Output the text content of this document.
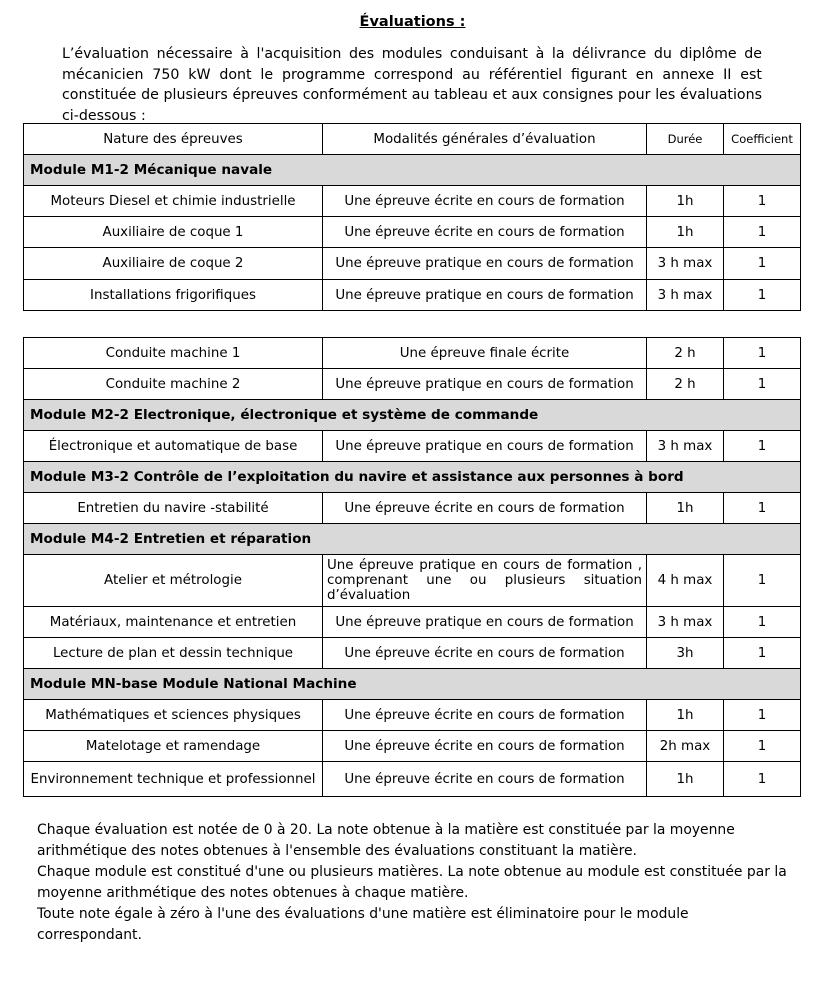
Évaluations :
L’évaluation nécessaire à l'acquisition des modules conduisant à la délivrance du diplôme de mécanicien 750 kW dont le programme correspond au référentiel figurant en annexe II est constituée de plusieurs épreuves conformément au tableau et aux consignes pour les évaluations ci-dessous :
Nature des épreuves	Modalités générales d’évaluation	Durée	Coefficient
Module M1-2 Mécanique navale			
Moteurs Diesel et chimie industrielle	Une épreuve écrite en cours de formation	1h	1
Auxiliaire de coque 1	Une épreuve écrite en cours de formation	1h	1
Auxiliaire de coque 2	Une épreuve pratique en cours de formation	3 h max	1
Installations frigorifiques	Une épreuve pratique en cours de formation	3 h max	1
Conduite machine 1	Une épreuve finale écrite	2 h	1
Conduite machine 2	Une épreuve pratique en cours de formation	2 h	1
Module M2-2 Electronique, électronique et système de commande			
Électronique et automatique de base	Une épreuve pratique en cours de formation	3 h max	1
Module M3-2 Contrôle de l’exploitation du navire et assistance aux personnes à bord			
Entretien du navire -stabilité	Une épreuve écrite en cours de formation	1h	1
Module M4-2 Entretien et réparation			
Atelier et métrologie	Une épreuve pratique en cours de formation , comprenant une ou plusieurs situation d’évaluation	4 h max	1
Matériaux, maintenance et entretien	Une épreuve pratique en cours de formation	3 h max	1
Lecture de plan et dessin technique	Une épreuve écrite en cours de formation	3h	1
Module MN-base Module National Machine			
Mathématiques et sciences physiques	Une épreuve écrite en cours de formation	1h	1
Matelotage et ramendage	Une épreuve écrite en cours de formation	2h max	1
Environnement technique et professionnel	Une épreuve écrite en cours de formation	1h	1

Chaque évaluation est notée de 0 à 20. La note obtenue à la matière est constituée par la moyenne arithmétique des notes obtenues à l'ensemble des évaluations constituant la matière.

Chaque module est constitué d'une ou plusieurs matières. La note obtenue au module est constituée par la moyenne arithmétique des notes obtenues à chaque matière.

Toute note égale à zéro à l'une des évaluations d'une matière est éliminatoire pour le module correspondant.
